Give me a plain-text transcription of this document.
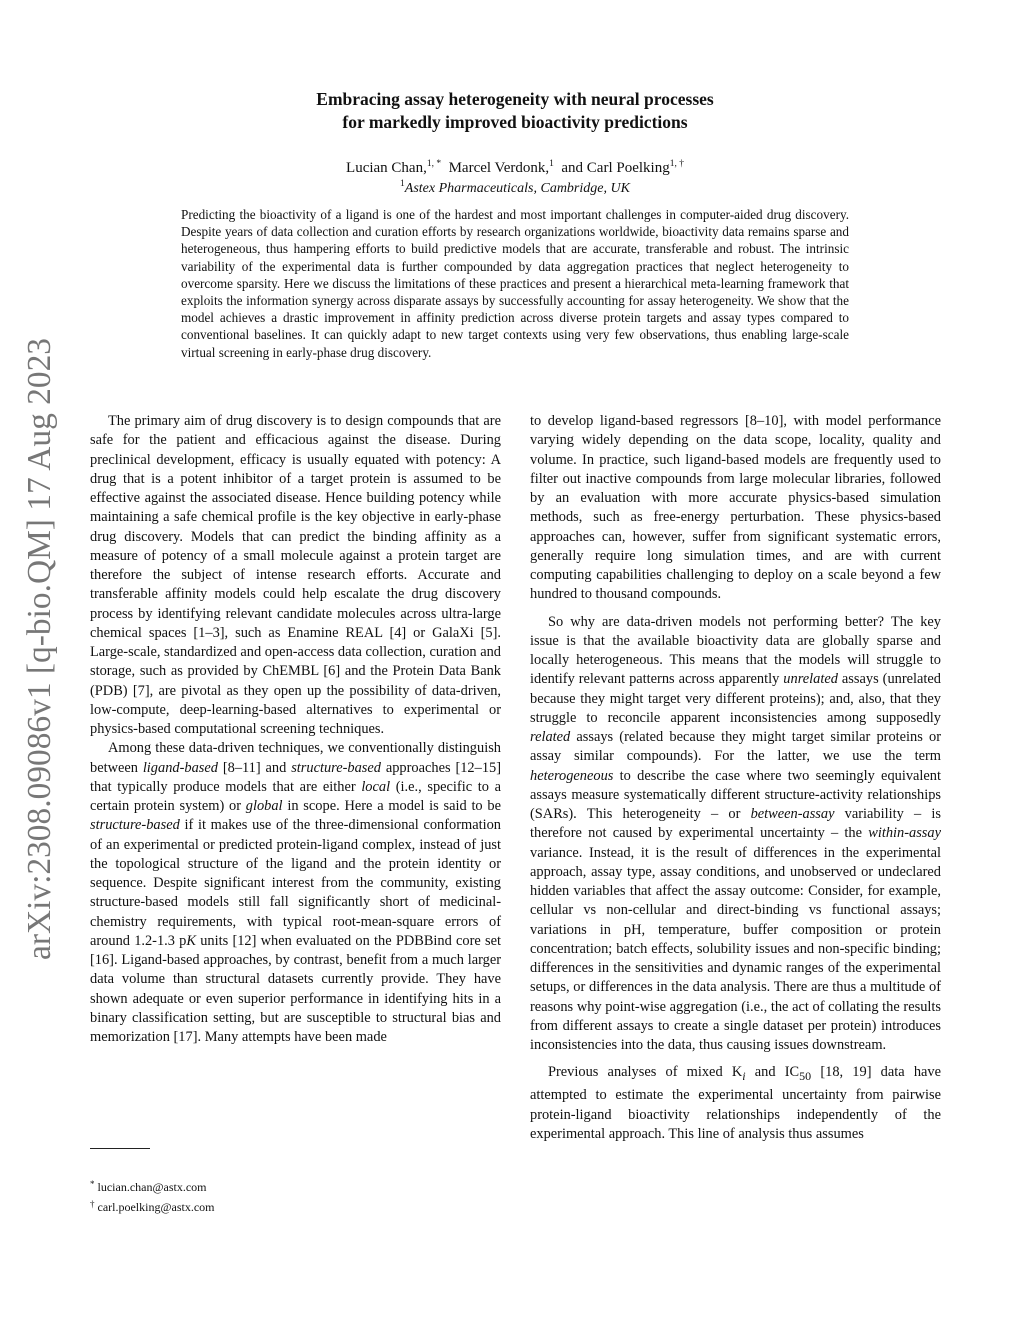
arXiv:2308.09086v1 [q-bio.QM] 17 Aug 2023
Embracing assay heterogeneity with neural processes
for markedly improved bioactivity predictions
Lucian Chan,$^{1, *}$ Marcel Verdonk,$^1$ and Carl Poelking$^{1, \dagger}$
$^1$Astex Pharmaceuticals, Cambridge, UK

Predicting the bioactivity of a ligand is one of the hardest and most important challenges in computer-aided drug discovery. Despite years of data collection and curation efforts by research organizations worldwide, bioactivity data remains sparse and heterogeneous, thus hampering efforts to build predictive models that are accurate, transferable and robust. The intrinsic variability of the experimental data is further compounded by data aggregation practices that neglect heterogeneity to overcome sparsity. Here we discuss the limitations of these practices and present a hierarchical meta-learning framework that exploits the information synergy across disparate assays by successfully accounting for assay heterogeneity. We show that the model achieves a drastic improvement in affinity prediction across diverse protein targets and assay types compared to conventional baselines. It can quickly adapt to new target contexts using very few observations, thus enabling large-scale virtual screening in early-phase drug discovery.

The primary aim of drug discovery is to design compounds that are safe for the patient and efficacious against the disease. During preclinical development, efficacy is usually equated with potency: A drug that is a potent inhibitor of a target protein is assumed to be effective against the associated disease. Hence building potency while maintaining a safe chemical profile is the key objective in early-phase drug discovery. Models that can predict the binding affinity as a measure of potency of a small molecule against a protein target are therefore the subject of intense research efforts. Accurate and transferable affinity models could help escalate the drug discovery process by identifying relevant candidate molecules across ultra-large chemical spaces [1–3], such as Enamine REAL [4] or GalaXi [5]. Large-scale, standardized and open-access data collection, curation and storage, such as provided by ChEMBL [6] and the Protein Data Bank (PDB) [7], are pivotal as they open up the possibility of data-driven, low-compute, deep-learning-based alternatives to experimental or physics-based computational screening techniques.

Among these data-driven techniques, we conventionally distinguish between ligand-based [8–11] and structure-based approaches [12–15] that typically produce models that are either local (i.e., specific to a certain protein system) or global in scope. Here a model is said to be structure-based if it makes use of the three-dimensional conformation of an experimental or predicted protein-ligand complex, instead of just the topological structure of the ligand and the protein identity or sequence. Despite significant interest from the community, existing structure-based models still fall significantly short of medicinal-chemistry requirements, with typical root-mean-square errors of around 1.2-1.3 pK units [12] when evaluated on the PDBBind core set [16]. Ligand-based approaches, by contrast, benefit from a much larger data volume than structural datasets currently provide. They have shown adequate or even superior performance in identifying hits in a binary classification setting, but are susceptible to structural bias and memorization [17]. Many attempts have been made

to develop ligand-based regressors [8–10], with model performance varying widely depending on the data scope, locality, quality and volume. In practice, such ligand-based models are frequently used to filter out inactive compounds from large molecular libraries, followed by an evaluation with more accurate physics-based simulation methods, such as free-energy perturbation. These physics-based approaches can, however, suffer from significant systematic errors, generally require long simulation times, and are with current computing capabilities challenging to deploy on a scale beyond a few hundred to thousand compounds.

So why are data-driven models not performing better? The key issue is that the available bioactivity data are globally sparse and locally heterogeneous. This means that the models will struggle to identify relevant patterns across apparently unrelated assays (unrelated because they might target very different proteins); and, also, that they struggle to reconcile apparent inconsistencies among supposedly related assays (related because they might target similar proteins or assay similar compounds). For the latter, we use the term heterogeneous to describe the case where two seemingly equivalent assays measure systematically different structure-activity relationships (SARs). This heterogeneity – or between-assay variability – is therefore not caused by experimental uncertainty – the within-assay variance. Instead, it is the result of differences in the experimental approach, assay type, assay conditions, and unobserved or undeclared hidden variables that affect the assay outcome: Consider, for example, cellular vs non-cellular and direct-binding vs functional assays; variations in pH, temperature, buffer composition or protein concentration; batch effects, solubility issues and non-specific binding; differences in the sensitivities and dynamic ranges of the experimental setups, or differences in the data analysis. There are thus a multitude of reasons why point-wise aggregation (i.e., the act of collating the results from different assays to create a single dataset per protein) introduces inconsistencies into the data, thus causing issues downstream.

Previous analyses of mixed $K_i$ and $IC_{50}$ [18, 19] data have attempted to estimate the experimental uncertainty from pairwise protein-ligand bioactivity relationships independently of the experimental approach. This line of analysis thus assumes

* lucian.chan@astx.com
† carl.poelking@astx.com
